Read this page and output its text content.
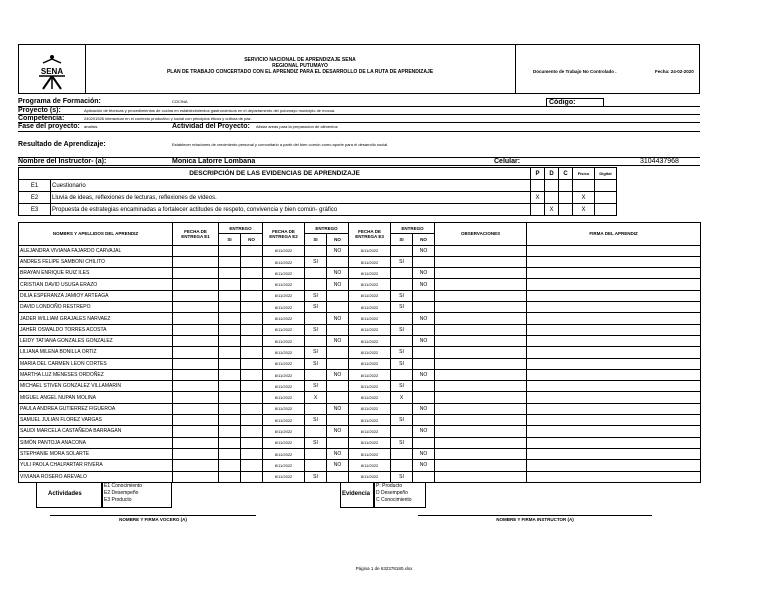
SENA
SERVICIO NACIONAL DE APRENDIZAJE SENA
REGIONAL PUTUMAYO
PLAN DE TRABAJO CONCERTADO CON EL APRENDIZ PARA EL DESARROLLO DE LA RUTA DE APRENDIZAJE	Documento de Trabajo No Controlado .	Fecha: 24-02-2020
Programa de Formación:	COCINA	Código:
Proyecto (s):	Aplicación de técnicas y procedimientos de cocina en establecimientos gastronómicos en el departamento del putumayo municipio de mocoa.
Competencia:	240201526 interactuar en el contexto productivo y social con principios éticos y cultura de paz.
Fase del proyecto: analisis	Actividad del Proyecto: Alistar areas para la preparacion de alimentos
Resultado de Aprendizaje:	Establecer relaciones de crecimiento personal y comunitario a partir del bien común como aporte para el desarrollo social.
Nombre del Instructor- (a):	Monica Latorre Lombana	Celular:	3104437968
DESCRIPCIÓN DE LAS EVIDENCIAS DE APRENDIZAJE		P	D	C	Físico	Digital
E1	Cuestionario					
E2	Lluvia de ideas, reflexiones de lecturas, reflexiones de videos.	X			X	
E3	Propuesta de estrategias encaminadas a fortalecer actitudes de respeto, convivencia y bien común- gráfico		X		X	
NOMBRS Y APELLIDOS DEL APRENDIZ	FECHA DE ENTREGA E1	ENTREGO		FECHA DE ENTREGA E2	ENTREGO		FECHA DE ENTREGA E3	ENTREGO		OBSERVACIONES	FIRMA DEL APRENDIZ
		SI	NO		SI	NO		SI	NO		
ALEJANDRA VIVIANA FAJARDO CARVAJAL				8/11/2022		NO	8/11/2022		NO		
ANDRES FELIPE SAMBONI CHILITO				8/11/2022	SI		8/11/2022	SI			
BRAYAN ENRIQUE RUIZ ILES				8/11/2022		NO	8/11/2022		NO		
CRISTIAN DAVID USUGA ERAZO				8/11/2022		NO	8/11/2022		NO		
DILIA ESPERANZA JAMIOY ARTEAGA				8/11/2022	SI		8/11/2022	SI			
DAVID LONDOÑO RESTREPO				8/11/2022	SI		8/11/2022	SI			
JADER WILLIAM GRAJALES NARVAEZ				8/11/2022		NO	8/11/2022		NO		
JAHER OSWALDO TORRES ACOSTA				8/11/2022	SI		8/11/2022	SI			
LEIDY TATIANA GONZALES GONZALEZ				8/11/2022		NO	8/11/2022		NO		
LILIANA MILENA BONILLA ORTIZ				8/11/2022	SI		8/11/2022	SI			
MARIA DEL CARMEN LEON CORTES				8/11/2022	SI		8/11/2022	SI			
MARTHA LUZ MENESES ORDOÑEZ				8/11/2022		NO	8/11/2022		NO		
MICHAEL STIVEN GONZALEZ VILLAMARIN				8/11/2022	SI		8/11/2022	SI			
MIGUEL ANGEL NUPAN MOLINA				8/11/2022	X		8/11/2022	X			
PAULA ANDREA GUTIERREZ FIGUEROA				8/11/2022		NO	8/11/2022		NO		
SAMUEL JULIAN FLOREZ VARGAS				8/11/2022	SI		8/11/2022	SI			
SAUDI MARCELA CASTAÑEDA BARRAGAN				8/11/2022		NO	8/11/2022		NO		
SIMÓN PANTOJA ANACONA				8/11/2022	SI		8/11/2022	SI			
STEPHANIE MORA SOLARTE				8/11/2022		NO	8/11/2022		NO		
YULI PAOLA CHALPARTAR RIVERA				8/11/2022		NO	8/11/2022		NO		
VIVIANA ROSERO AREVALO				8/11/2022	SI		8/11/2022	SI			
Actividades
E1 Conocimiento
E2 Desempeño
E3 Producto
Evidencia
P: Producto
D Desempeño
C Conocimiento
NOMBRE Y FIRMA VOCERO (A)	NOMBRE Y FIRMA INSTRUCTOR (A)
Página 1 de 632378180.xlsx
